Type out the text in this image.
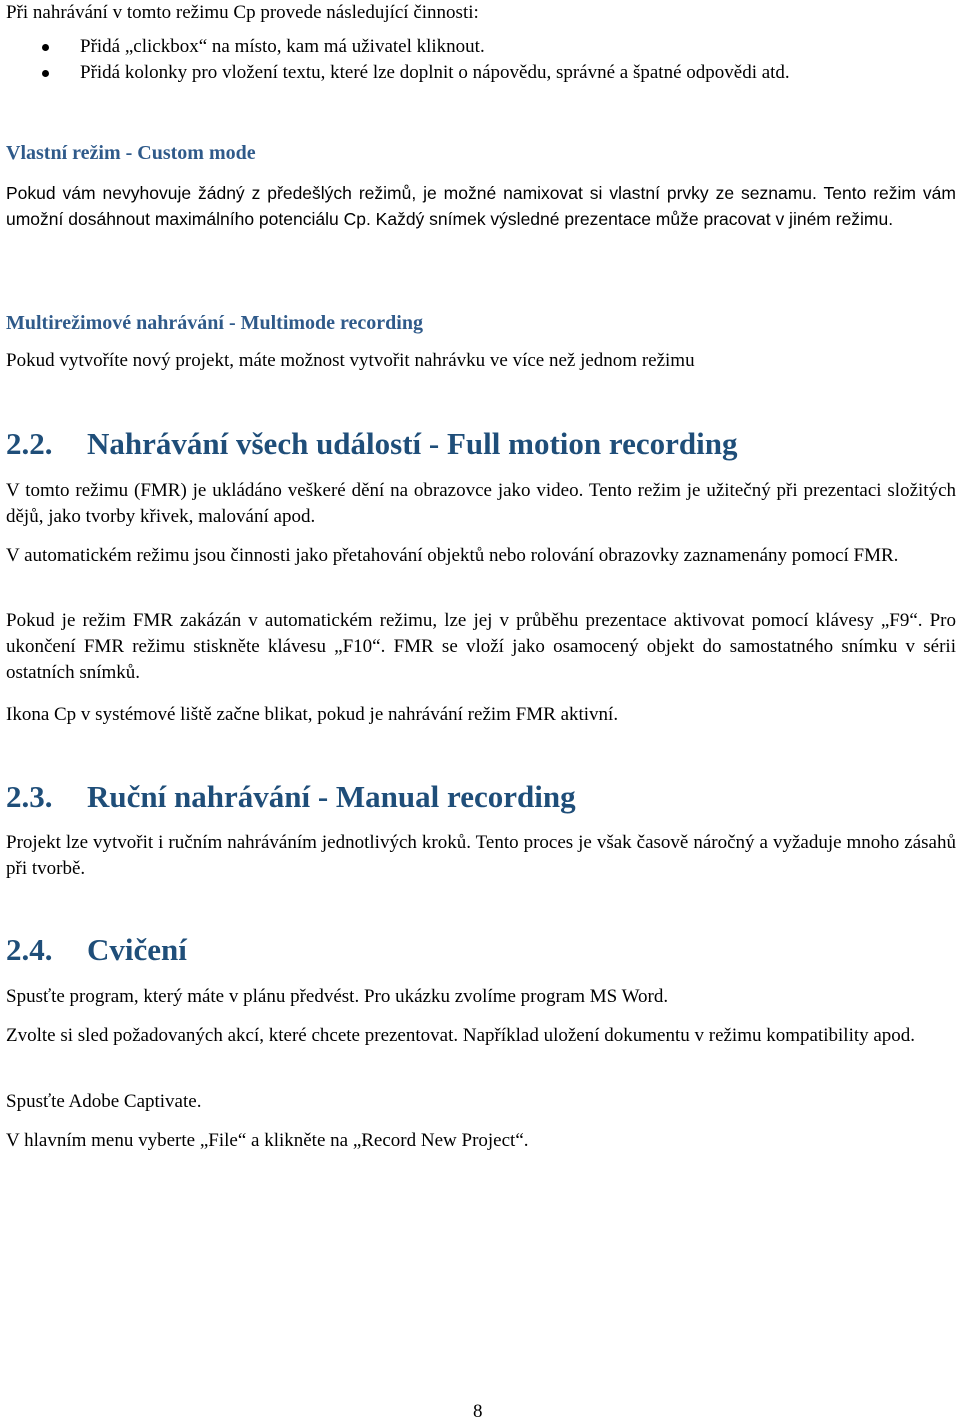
Při nahrávání v tomto režimu Cp provede následující činnosti:

Přidá „clickbox“ na místo, kam má uživatel kliknout.
Přidá kolonky pro vložení textu, které lze doplnit o nápovědu, správné a špatné odpovědi atd.

Vlastní režim - Custom mode

Pokud vám nevyhovuje žádný z předešlých režimů, je možné namixovat si vlastní prvky ze seznamu. Tento režim vám umožní dosáhnout maximálního potenciálu Cp. Každý snímek výsledné prezentace může pracovat v jiném režimu.

Multirežimové nahrávání - Multimode recording

Pokud vytvoříte nový projekt, máte možnost vytvořit nahrávku ve více než jednom režimu

2.2. Nahrávání všech událostí - Full motion recording

V tomto režimu (FMR) je ukládáno veškeré dění na obrazovce jako video. Tento režim je užitečný při prezentaci složitých dějů, jako tvorby křivek, malování apod.

V automatickém režimu jsou činnosti jako přetahování objektů nebo rolování obrazovky zaznamenány pomocí FMR.

Pokud je režim FMR zakázán v automatickém režimu, lze jej v průběhu prezentace aktivovat pomocí klávesy „F9“. Pro ukončení FMR režimu stiskněte klávesu „F10“. FMR se vloží jako osamocený objekt do samostatného snímku v sérii ostatních snímků.

Ikona Cp v systémové liště začne blikat, pokud je nahrávání režim FMR aktivní.

2.3. Ruční nahrávání - Manual recording

Projekt lze vytvořit i ručním nahráváním jednotlivých kroků. Tento proces je však časově náročný a vyžaduje mnoho zásahů při tvorbě.

2.4. Cvičení

Spusťte program, který máte v plánu předvést. Pro ukázku zvolíme program MS Word.

Zvolte si sled požadovaných akcí, které chcete prezentovat. Například uložení dokumentu v režimu kompatibility apod.

Spusťte Adobe Captivate.

V hlavním menu vyberte „File“ a klikněte na „Record New Project“.

8
